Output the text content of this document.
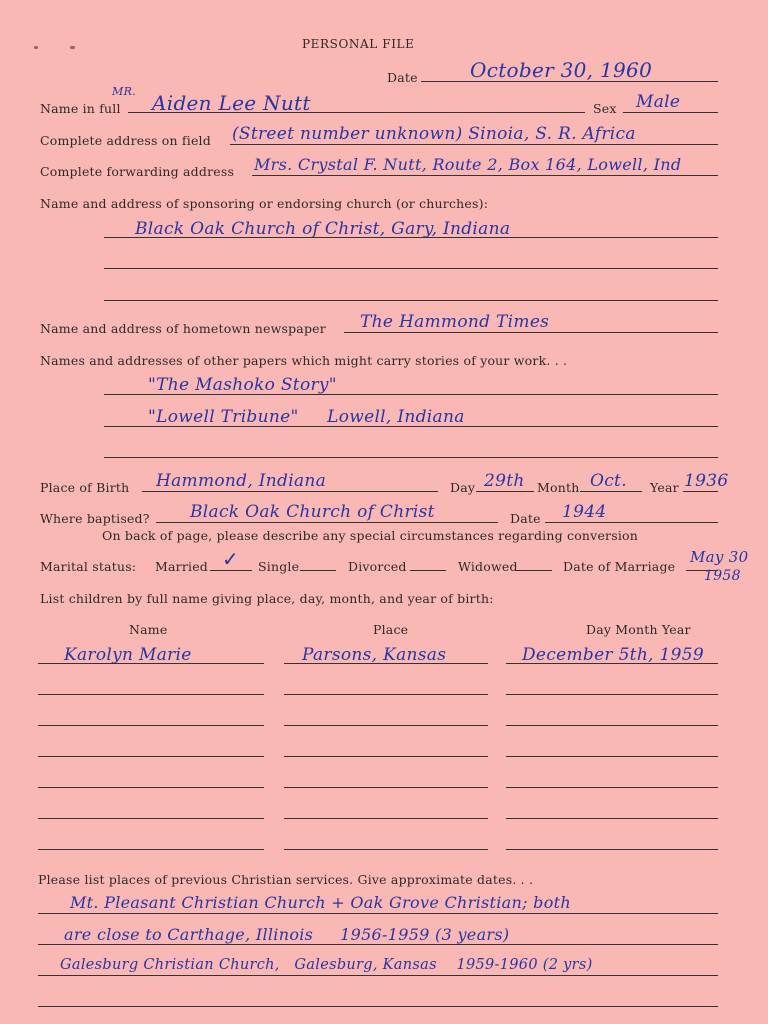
PERSONAL FILE
Date	October 30, 1960
Name in full
MR. Aiden Lee Nutt	Sex Male
Complete address on field (Street number unknown) Sinoia, S. R. Africa
Complete forwarding address Mrs. Crystal F. Nutt, Route 2, Box 164, Lowell, Ind
Name and address of sponsoring or endorsing church (or churches):
Black Oak Church of Christ, Gary, Indiana
Name and address of hometown newspaper The Hammond Times
Names and addresses of other papers which might carry stories of your work. . .
"The Mashoko Story"
"Lowell Tribune"     Lowell, Indiana
Place of Birth Hammond, Indiana	Day 29th Month Oct. Year 1936
Where baptised? Black Oak Church of Christ	Date 1944
On back of page, please describe any special circumstances regarding conversion
Marital status: Married ✓ Single	Divorced	Widowed	Date of Marriage
May 30
1958
List children by full name giving place, day, month, and year of birth:
Name	Place	Day Month Year
Karolyn Marie	Parsons, Kansas	December 5th, 1959
Please list places of previous Christian services. Give approximate dates. . .
Mt. Pleasant Christian Church + Oak Grove Christian; both
are close to Carthage, Illinois     1956-1959 (3 years)
Galesburg Christian Church,   Galesburg, Kansas    1959-1960 (2 yrs)
